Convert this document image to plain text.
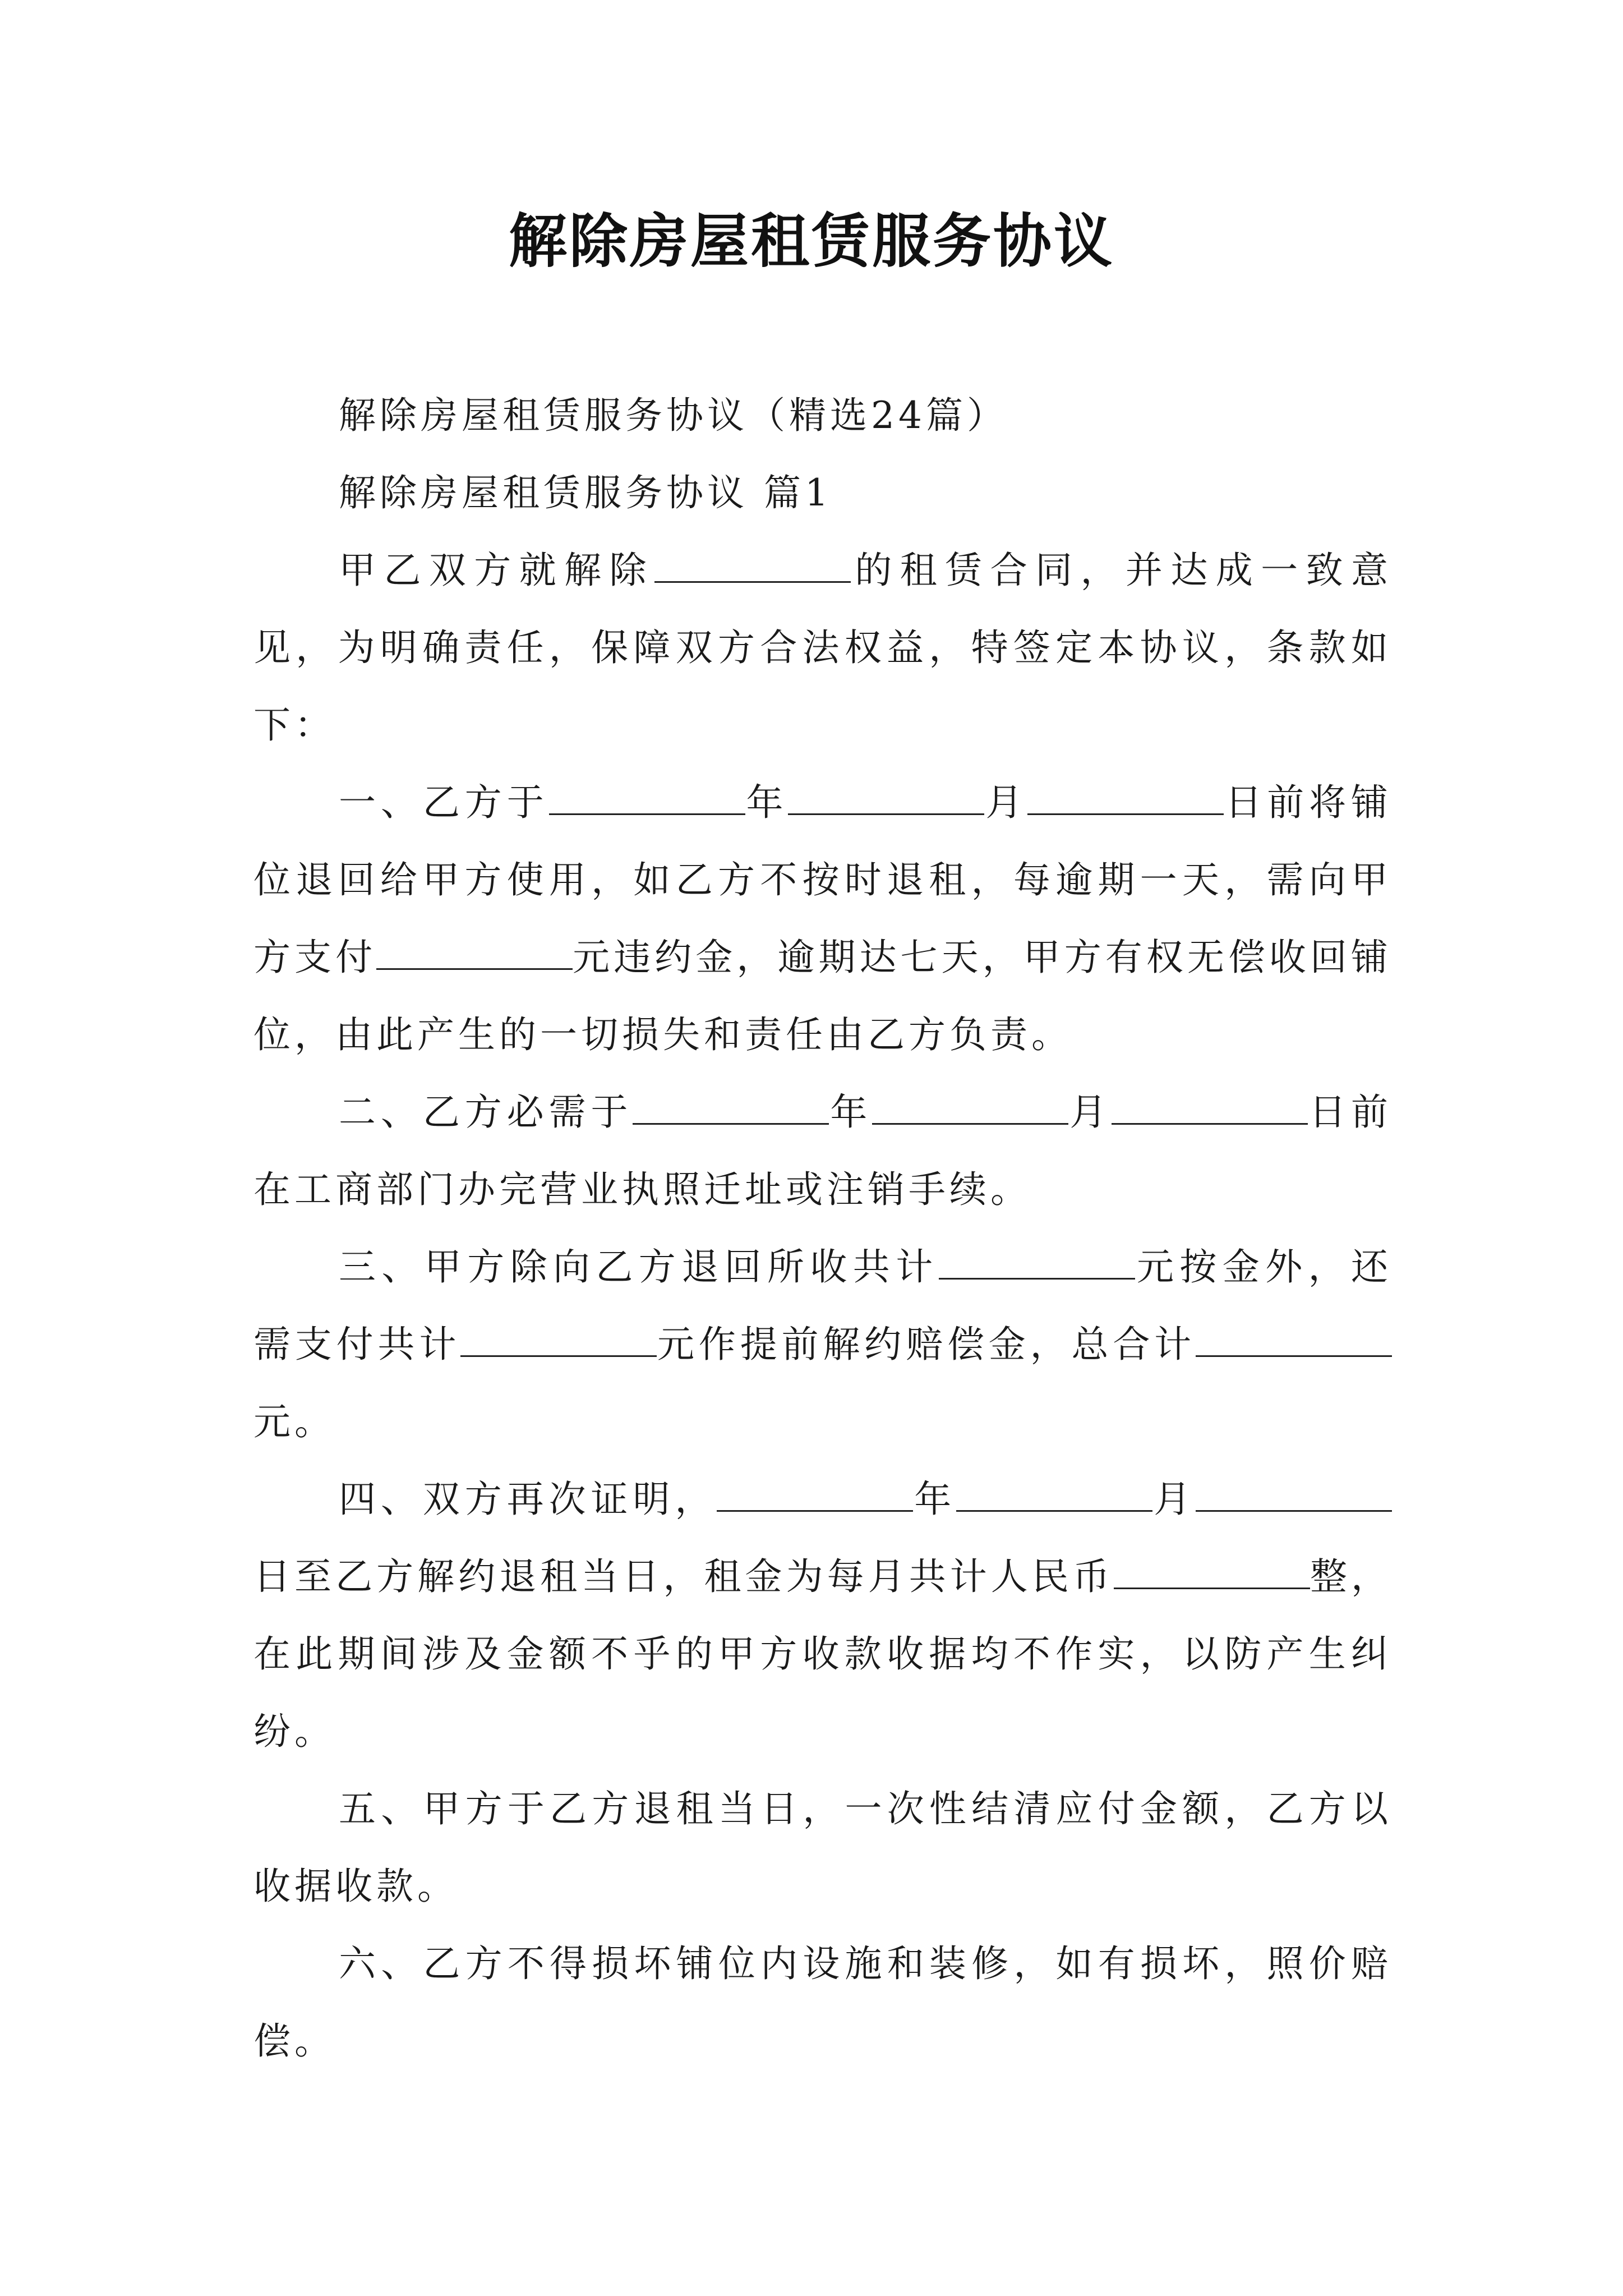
解除房屋租赁服务协议

解除房屋租赁服务协议（精选24篇）

解除房屋租赁服务协议 篇1

甲乙双方就解除	的租赁合同，并达成一致意见，为明确责任，保障双方合法权益，特签定本协议，条款如下：

一、乙方于	年	月	日前将铺位退回给甲方使用，如乙方不按时退租，每逾期一天，需向甲方支付	元违约金，逾期达七天，甲方有权无偿收回铺位，由此产生的一切损失和责任由乙方负责。

二、乙方必需于	年	月	日前在工商部门办完营业执照迁址或注销手续。

三、甲方除向乙方退回所收共计	元按金外，还需支付共计	元作提前解约赔偿金，总合计元。

四、双方再次证明，	年	月日至乙方解约退租当日，租金为每月共计人民币	整，在此期间涉及金额不乎的甲方收款收据均不作实，以防产生纠纷。

五、甲方于乙方退租当日，一次性结清应付金额，乙方以收据收款。

六、乙方不得损坏铺位内设施和装修，如有损坏，照价赔偿。
